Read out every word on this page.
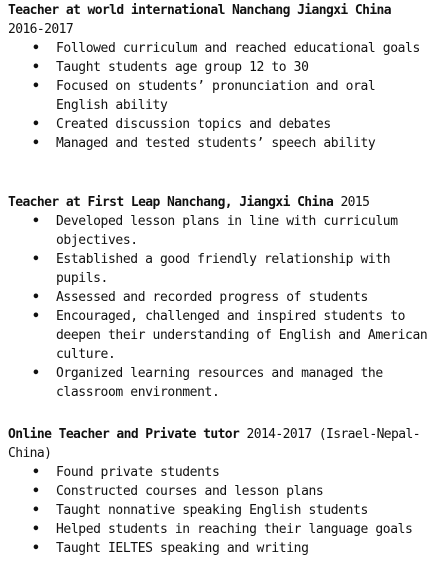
Teacher at world international Nanchang Jiangxi China
2016-2017

• Followed curriculum and reached educational goals
• Taught students age group 12 to 30
• Focused on students’ pronunciation and oral English ability
• Created discussion topics and debates
• Managed and tested students’ speech ability

Teacher at First Leap Nanchang, Jiangxi China 2015

• Developed lesson plans in line with curriculum objectives.
• Established a good friendly relationship with pupils.
• Assessed and recorded progress of students
• Encouraged, challenged and inspired students to deepen their understanding of English and American culture.
• Organized learning resources and managed the classroom environment.

Online Teacher and Private tutor 2014-2017 (Israel-Nepal-China)

• Found private students
• Constructed courses and lesson plans
• Taught nonnative speaking English students
• Helped students in reaching their language goals
• Taught IELTES speaking and writing
